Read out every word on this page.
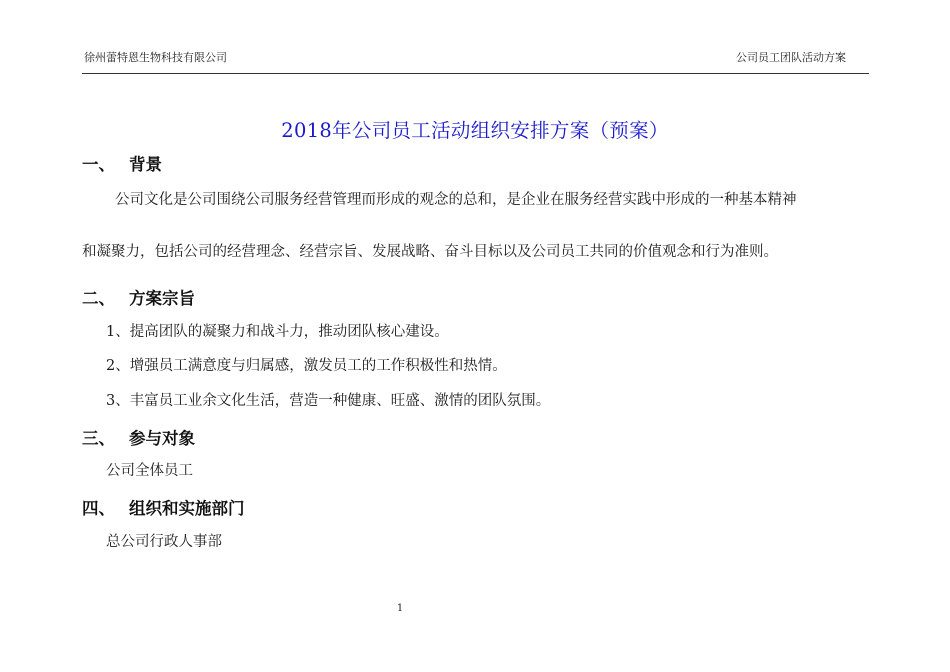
徐州蕾特恩生物科技有限公司	公司员工团队活动方案
2018年公司员工活动组织安排方案（预案）
一、 背景
公司文化是公司围绕公司服务经营管理而形成的观念的总和，是企业在服务经营实践中形成的一种基本精神
和凝聚力，包括公司的经营理念、经营宗旨、发展战略、奋斗目标以及公司员工共同的价值观念和行为准则。
二、 方案宗旨
1、提高团队的凝聚力和战斗力，推动团队核心建设。
2、增强员工满意度与归属感，激发员工的工作积极性和热情。
3、丰富员工业余文化生活，营造一种健康、旺盛、激情的团队氛围。
三、 参与对象
公司全体员工
四、 组织和实施部门
总公司行政人事部
1
